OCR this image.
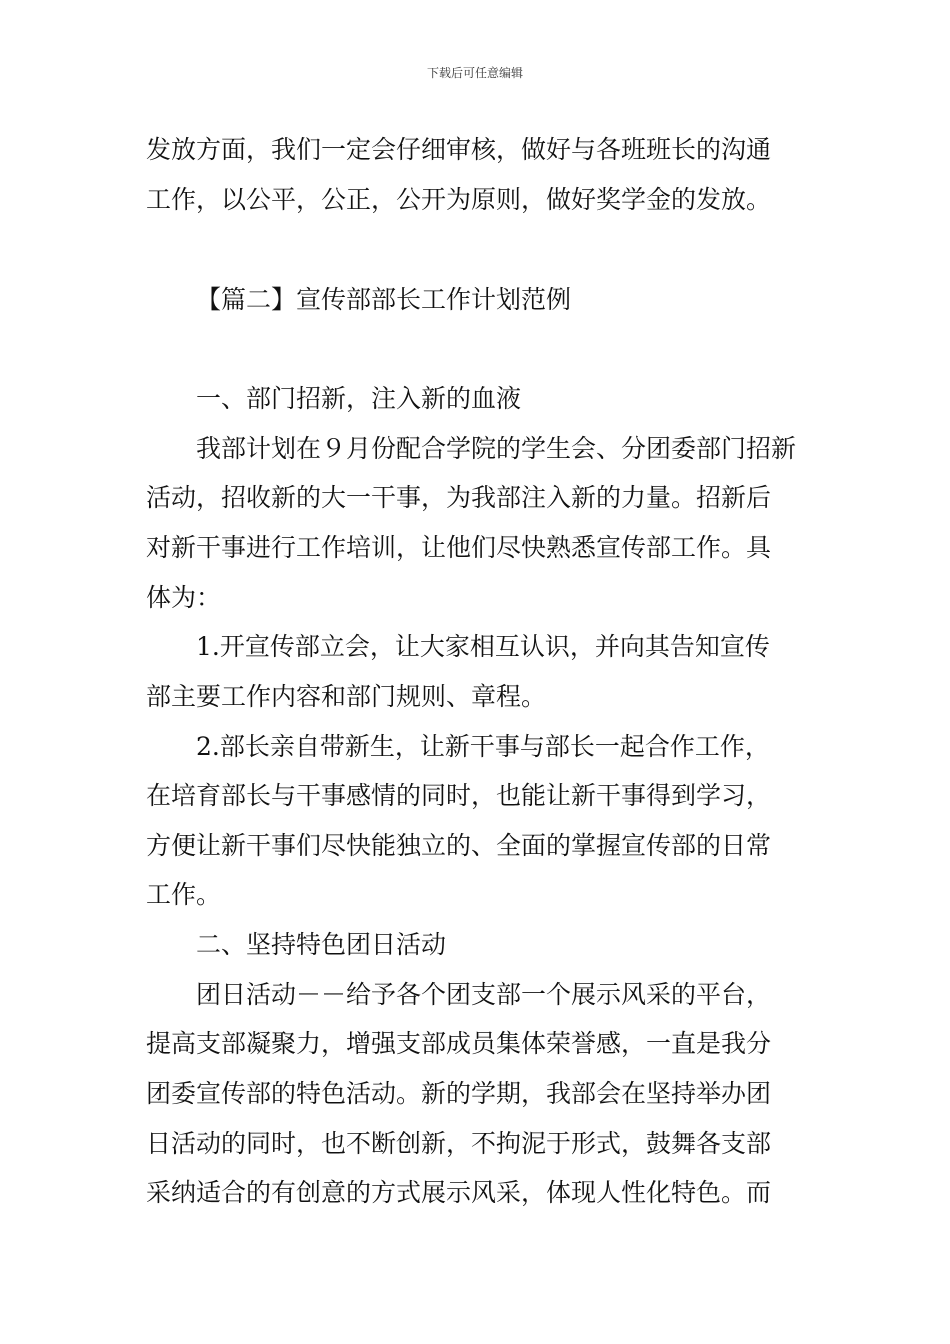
下载后可任意编辑
发放方面，我们一定会仔细审核，做好与各班班长的沟通
工作，以公平，公正，公开为原则，做好奖学金的发放。
【篇二】宣传部部长工作计划范例
一、部门招新，注入新的血液
我部计划在９月份配合学院的学生会、分团委部门招新
活动，招收新的大一干事，为我部注入新的力量。招新后
对新干事进行工作培训，让他们尽快熟悉宣传部工作。具
体为：
1.开宣传部立会，让大家相互认识，并向其告知宣传
部主要工作内容和部门规则、章程。
2.部长亲自带新生，让新干事与部长一起合作工作，
在培育部长与干事感情的同时，也能让新干事得到学习，
方便让新干事们尽快能独立的、全面的掌握宣传部的日常
工作。
二、坚持特色团日活动
团日活动－－给予各个团支部一个展示风采的平台，
提高支部凝聚力，增强支部成员集体荣誉感，一直是我分
团委宣传部的特色活动。新的学期，我部会在坚持举办团
日活动的同时，也不断创新，不拘泥于形式，鼓舞各支部
采纳适合的有创意的方式展示风采，体现人性化特色。而
